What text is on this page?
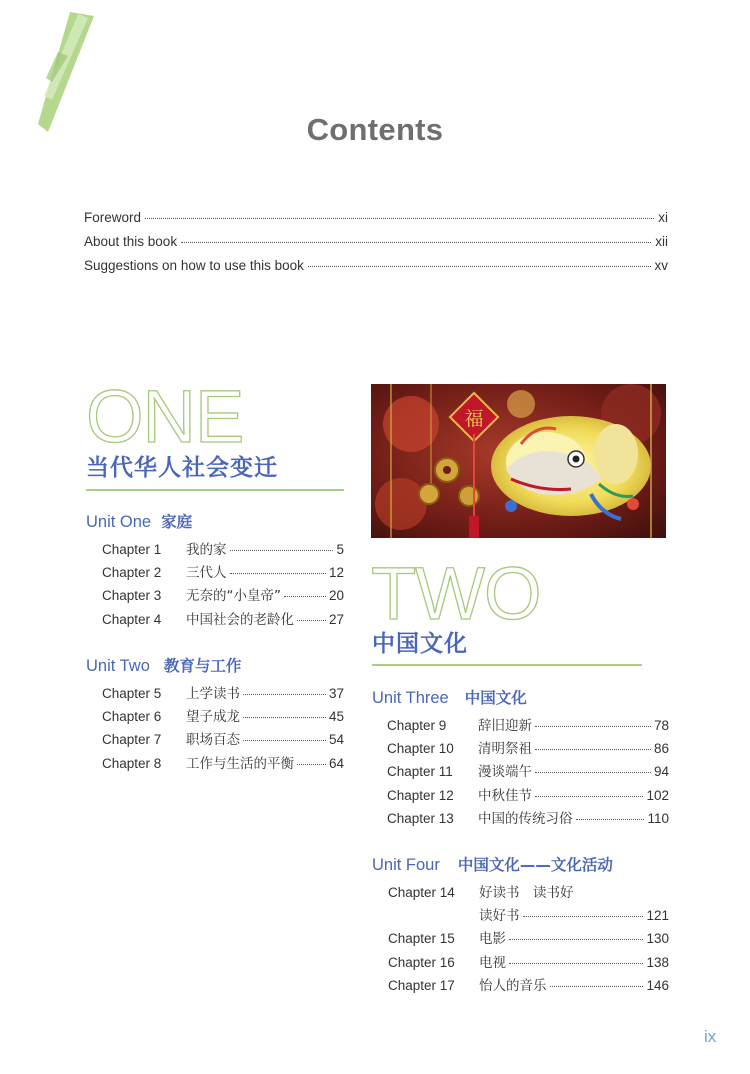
Contents
Foreword	xi
About this book	xii
Suggestions on how to use this book	xv
ONE
当代华人社会变迁
Unit One 家庭
Chapter 1	我的家	5
Chapter 2	三代人	12
Chapter 3	无奈的“小皇帝”	20
Chapter 4	中国社会的老龄化	27
Unit Two 教育与工作
Chapter 5	上学读书	37
Chapter 6	望子成龙	45
Chapter 7	职场百态	54
Chapter 8	工作与生活的平衡	64
福
TWO
中国文化
Unit Three 中国文化
Chapter 9	辞旧迎新	78
Chapter 10	清明祭祖	86
Chapter 11	漫谈端午	94
Chapter 12	中秋佳节	102
Chapter 13	中国的传统习俗	110
Unit Four 中国文化——文化活动
Chapter 14	好读书　读书好
读好书	121
Chapter 15	电影	130
Chapter 16	电视	138
Chapter 17	怡人的音乐	146
ix
